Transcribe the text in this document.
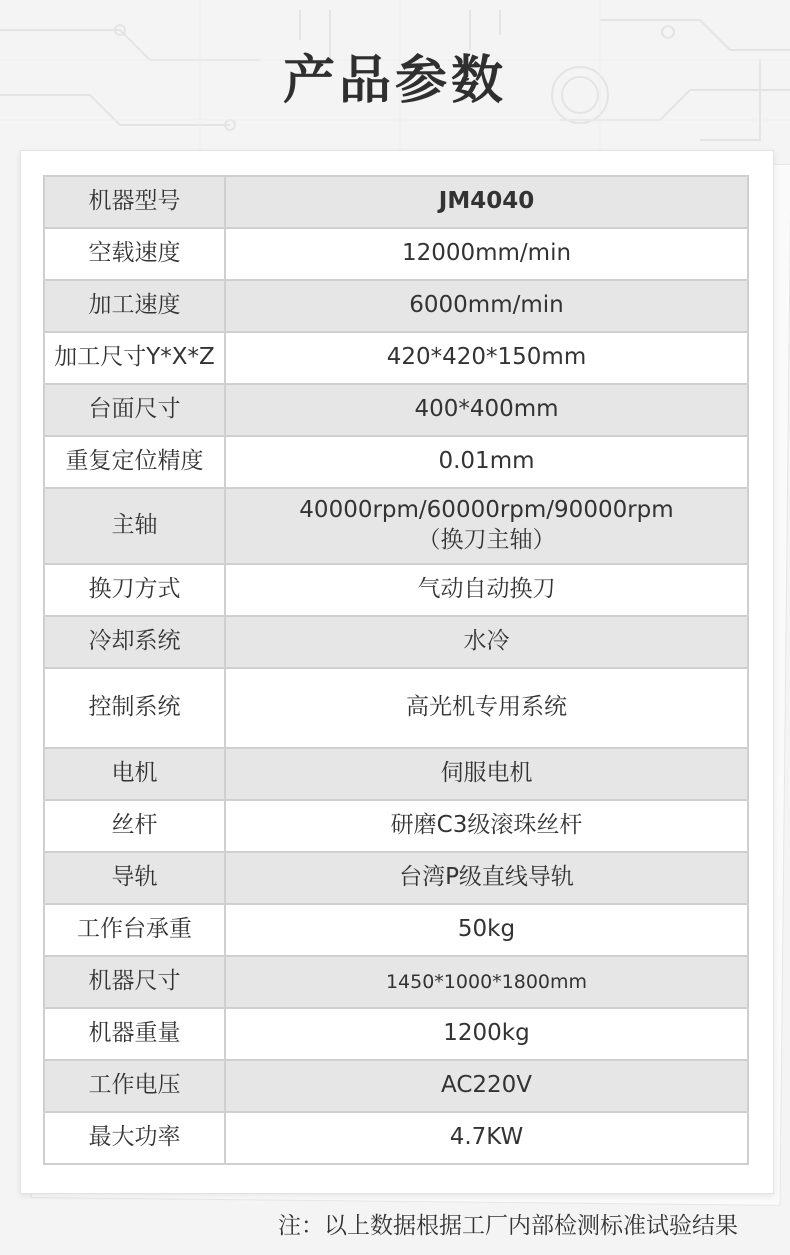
产品参数
机器型号	JM4040
空载速度	12000mm/min
加工速度	6000mm/min
加工尺寸Y*X*Z	420*420*150mm
台面尺寸	400*400mm
重复定位精度	0.01mm
主轴	40000rpm/60000rpm/90000rpm
（换刀主轴）

换刀方式	气动自动换刀
冷却系统	水冷
控制系统	高光机专用系统
电机	伺服电机
丝杆	研磨C3级滚珠丝杆
导轨	台湾P级直线导轨
工作台承重	50kg
机器尺寸	1450*1000*1800mm
机器重量	1200kg
工作电压	AC220V
最大功率	4.7KW
注：以上数据根据工厂内部检测标准试验结果
